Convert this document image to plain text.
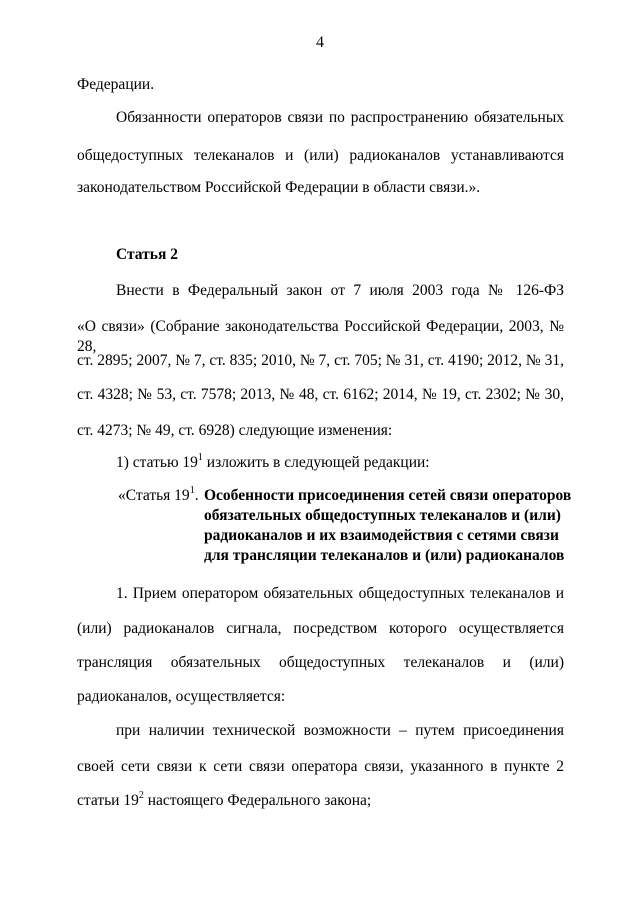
4
Федерации.
Обязанности операторов связи по распространению обязательных
общедоступных телеканалов и (или) радиоканалов устанавливаются
законодательством Российской Федерации в области связи.».
Статья 2
Внести в Федеральный закон от 7 июля 2003 года № 126-ФЗ
«О связи» (Собрание законодательства Российской Федерации, 2003, № 28,
ст. 2895; 2007, № 7, ст. 835; 2010, № 7, ст. 705; № 31, ст. 4190; 2012, № 31,
ст. 4328; № 53, ст. 7578; 2013, № 48, ст. 6162; 2014, № 19, ст. 2302; № 30,
ст. 4273; № 49, ст. 6928) следующие изменения:
1) статью $19^1$ изложить в следующей редакции:
«Статья $19^1$. Особенности присоединения сетей связи операторов
обязательных общедоступных телеканалов и (или)
радиоканалов и их взаимодействия с сетями связи
для трансляции телеканалов и (или) радиоканалов
1. Прием оператором обязательных общедоступных телеканалов и
(или) радиоканалов сигнала, посредством которого осуществляется
трансляция обязательных общедоступных телеканалов и (или)
радиоканалов, осуществляется:
при наличии технической возможности – путем присоединения
своей сети связи к сети связи оператора связи, указанного в пункте 2
статьи $19^2$ настоящего Федерального закона;
